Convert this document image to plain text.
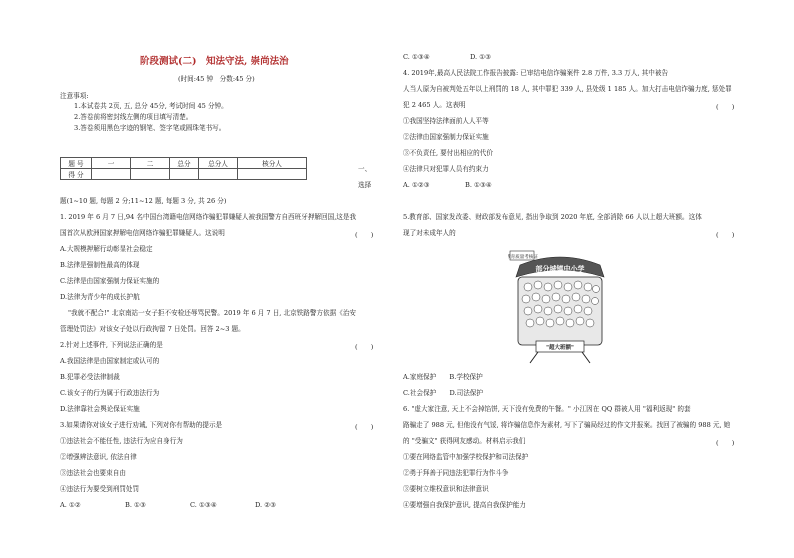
阶段测试(二)　知法守法, 崇尚法治
(时间:45 钟　分数:45 分)
注意事项:
1.本试卷共 2页, 五, 总分 45分, 考试时间 45 分钟。
2.答卷前将密封线左侧的项目填写清楚。
3.答卷须用黑色字迹的钢笔、签字笔或圆珠笔书写。
题 号	一	二	总分	总分人	核分人
得 分					
一、
选择
题(1~10 题, 每题 2 分;11~12 题, 每题 3 分, 共 26 分)
1. 2019 年 6 月 7 日,94 名中国台湾籍电信网络诈骗犯罪嫌疑人被我国警方自西班牙押解回国,这是我
国首次从欧洲国家押解电信网络诈骗犯罪嫌疑人。这说明	(　　)
A.大规模押解行动彰显社会稳定
B.法律是强制性最高的体现
C.法律是由国家强制力保证实施的
D.法律为青少年的成长护航
"我就不配合!" 北京南站一女子拒不安检还辱骂民警。2019 年 6 月 7 日, 北京铁路警方依据《治安
管理处罚法》对该女子处以行政拘留 7 日处罚。回答 2~3 题。
2.针对上述事件, 下列说法正确的是	(　　)
A.我国法律是由国家制定或认可的
B.犯罪必受法律制裁
C.该女子的行为属于行政违法行为
D.法律靠社会舆论保证实施
3.如果请你对该女子进行劝诫, 下列对你有帮助的提示是	(　　)
①违法社会不能任性, 违法行为应自身行为
②增强辨法意识, 依法自律
③违法社会也要束自由
④违法行为要受到刑罚处罚
A. ①②	B. ①③	C. ①③④	D. ②③
C. ①③④	D. ①③
4. 2019年,最高人民法院工作报告披露: 已审结电信诈骗案件 2.8 万件, 3.3 万人, 其中被告
人当人原为自被判处五年以上刑罚的 18 人, 其中罪犯 339 人, 县处级 1 185 人。加大打击电信诈骗力度, 惩处罪
犯 2 465 人。这表明	(　　)
①我国坚持法律面前人人平等
②法律由国家强制力保证实施
③不负责任, 要付出相应的代价
④法律只对犯罪人员有约束力
A. ①②③	B. ①③④
5.教育部、国家发改委、财政部发布意见, 指出争取到 2020 年底, 全部消除 66 人以上超大班额。这体
现了对未成年人的	(　　)
教育质量考核证
部分城镇中小学
"超大班额"
A.家庭保护　　B.学校保护
C.社会保护　　D.司法保护
6. "虚大家注意, 天上不会掉馅饼, 天下没有免费的午餐。" 小江因在 QQ 群被人用 "福利返现" 的套
路骗走了 988 元, 但他没有气馁, 将诈骗信息作为素材, 写下了骗局经过的作文并报案。找回了被骗的 988 元, 她
的 "受骗文" 获得网友感动。材料启示我们	(　　)
①要在网络监管中加强学校保护和司法保护
②勇于拜善于同违法犯罪行为作斗争
③要树立维权意识和法律意识
④要增强自我保护意识, 提高自我保护能力
